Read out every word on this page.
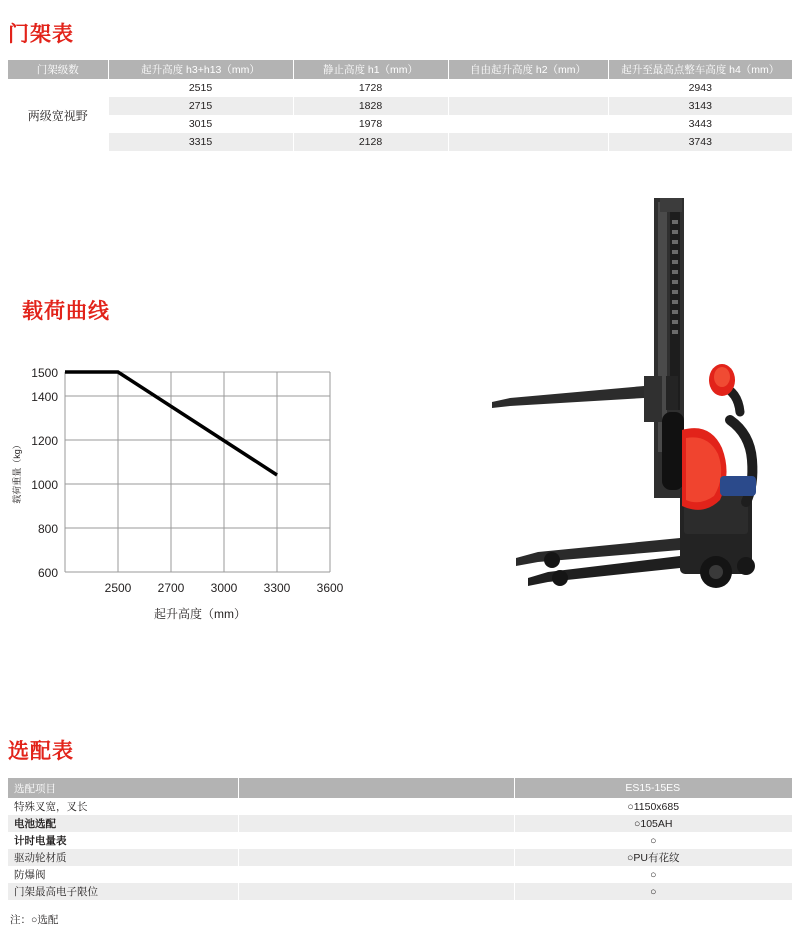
门架表
门架级数	起升高度 h3+h13（mm）	静止高度 h1（mm）	自由起升高度 h2（mm）	起升至最高点整车高度 h4（mm）
两级宽视野	2515	1728		2943
	2715	1828		3143
	3015	1978		3443
	3315	2128		3743
载荷曲线
1500
1400
1200
1000
800
600
2500 2700 3000 3300 3600
起升高度（mm）
载荷重量（kg）
选配表
选配项目		ES15-15ES
特殊叉宽，叉长		○1150x685
电池选配		○105AH
计时电量表		○
驱动轮材质		○PU有花纹
防爆阀		○
门架最高电子限位		○
注：○选配
